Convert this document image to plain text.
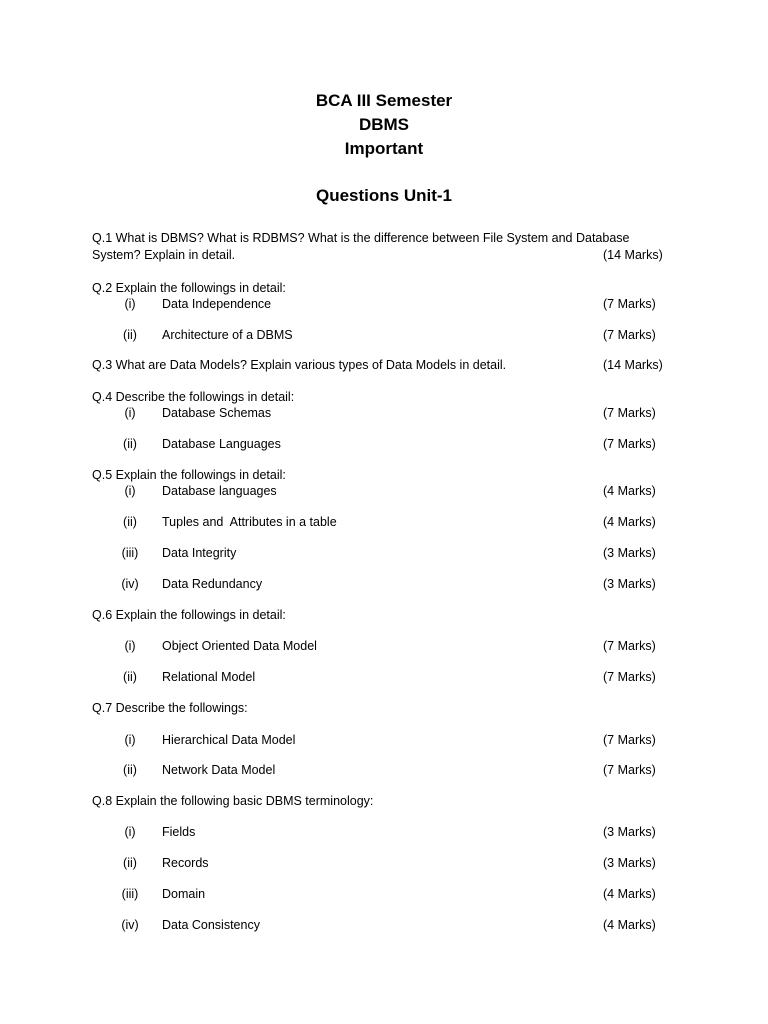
BCA III Semester
DBMS
Important
Questions Unit-1
Q.1 What is DBMS? What is RDBMS? What is the difference between File System and Database
System? Explain in detail.	(14 Marks)
Q.2 Explain the followings in detail:
(i)	Data Independence	(7 Marks)
(ii)	Architecture of a DBMS	(7 Marks)
Q.3 What are Data Models? Explain various types of Data Models in detail.	(14 Marks)
Q.4 Describe the followings in detail:
(i)	Database Schemas	(7 Marks)
(ii)	Database Languages	(7 Marks)
Q.5 Explain the followings in detail:
(i)	Database languages	(4 Marks)
(ii)	Tuples and  Attributes in a table	(4 Marks)
(iii)	Data Integrity	(3 Marks)
(iv)	Data Redundancy	(3 Marks)
Q.6 Explain the followings in detail:
(i)	Object Oriented Data Model	(7 Marks)
(ii)	Relational Model	(7 Marks)
Q.7 Describe the followings:
(i)	Hierarchical Data Model	(7 Marks)
(ii)	Network Data Model	(7 Marks)
Q.8 Explain the following basic DBMS terminology:
(i)	Fields	(3 Marks)
(ii)	Records	(3 Marks)
(iii)	Domain	(4 Marks)
(iv)	Data Consistency	(4 Marks)
